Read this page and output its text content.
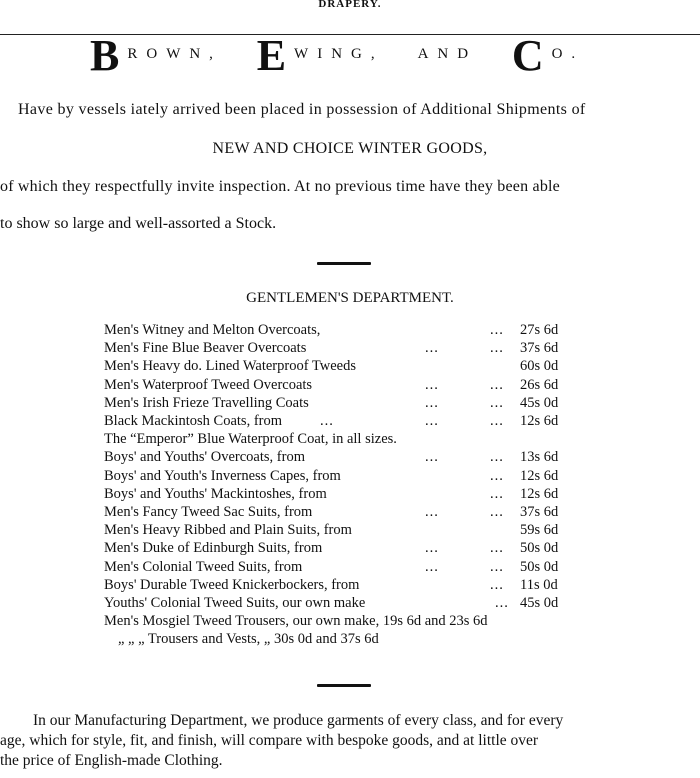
DRAPERY.
BROWN, E WING, AND C O.
Have by vessels iately arrived been placed in possession of Additional Shipments of
NEW AND CHOICE WINTER GOODS,
of which they respectfully invite inspection. At no previous time have they been able
to show so large and well-assorted a Stock.
GENTLEMEN'S DEPARTMENT.
Men's Witney and Melton Overcoats,	... 27s 6d
Men's Fine Blue Beaver Overcoats	...	... 37s 6d
Men's Heavy do. Lined Waterproof Tweeds	60s 0d
Men's Waterproof Tweed Overcoats	...	... 26s 6d
Men's Irish Frieze Travelling Coats	...	... 45s 0d
Black Mackintosh Coats, from	...	...	... 12s 6d
The “Emperor” Blue Waterproof Coat, in all sizes.
Boys' and Youths' Overcoats, from	...	... 13s 6d
Boys' and Youth's Inverness Capes, from	... 12s 6d
Boys' and Youths' Mackintoshes, from	... 12s 6d
Men's Fancy Tweed Sac Suits, from	...	... 37s 6d
Men's Heavy Ribbed and Plain Suits, from	59s 6d
Men's Duke of Edinburgh Suits, from	...	... 50s 0d
Men's Colonial Tweed Suits, from	...	... 50s 0d
Boys' Durable Tweed Knickerbockers, from	... 11s 0d
Youths' Colonial Tweed Suits, our own make	... 45s 0d
Men's Mosgiel Tweed Trousers, our own make, 19s 6d and 23s 6d
„ „ „ Trousers and Vests, „ 30s 0d and 37s 6d
In our Manufacturing Department, we produce garments of every class, and for every
age, which for style, fit, and finish, will compare with bespoke goods, and at little over
the price of English-made Clothing.
